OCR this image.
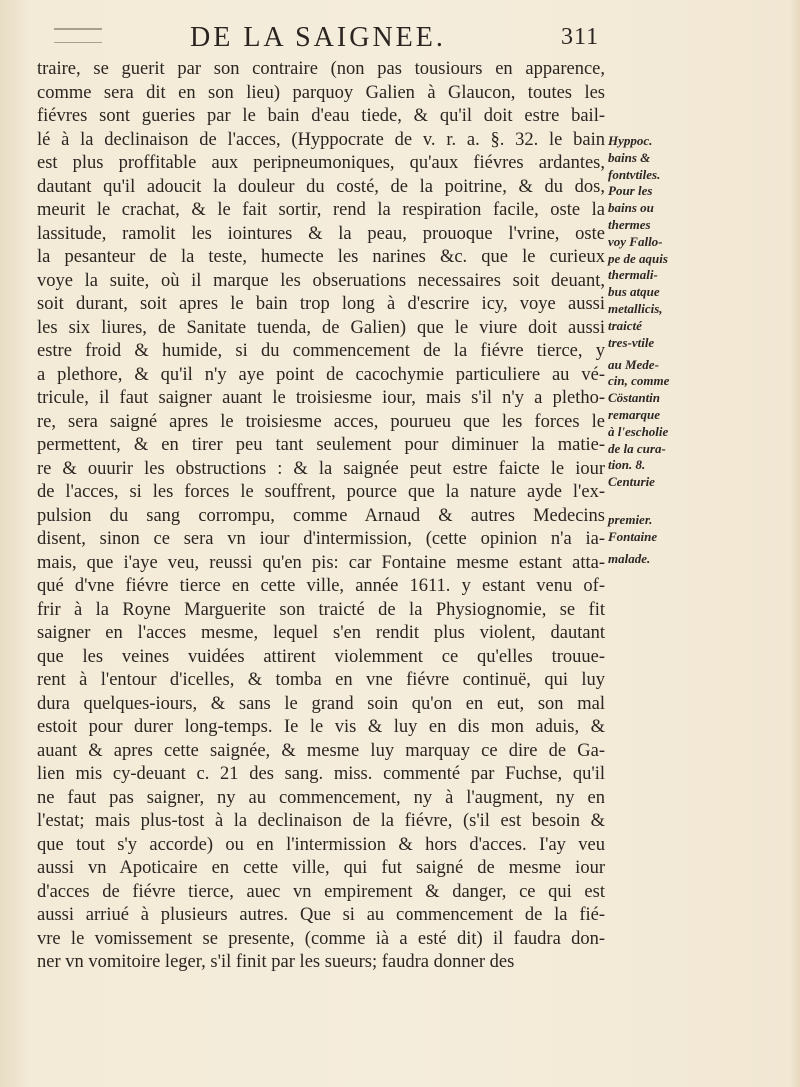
DE LA SAIGNEE.	311
traire, se guerit par son contraire (non pas tousiours en apparence,
comme sera dit en son lieu) parquoy Galien à Glaucon, toutes les
fiévres sont gueries par le bain d'eau tiede, & qu'il doit estre bail-
lé à la declinaison de l'acces, (Hyppocrate de v. r. a. §. 32. le bain
est plus proffitable aux peripneumoniques, qu'aux fiévres ardantes,
dautant qu'il adoucit la douleur du costé, de la poitrine, & du dos,
meurit le crachat, & le fait sortir, rend la respiration facile, oste la
lassitude, ramolit les iointures & la peau, prouoque l'vrine, oste
la pesanteur de la teste, humecte les narines &c. que le curieux
voye la suite, où il marque les obseruations necessaires soit deuant,
soit durant, soit apres le bain trop long à d'escrire icy, voye aussi
les six liures, de Sanitate tuenda, de Galien) que le viure doit aussi
estre froid & humide, si du commencement de la fiévre tierce, y
a plethore, & qu'il n'y aye point de cacochymie particuliere au vé-
tricule, il faut saigner auant le troisiesme iour, mais s'il n'y a pletho-
re, sera saigné apres le troisiesme acces, pourueu que les forces le
permettent, & en tirer peu tant seulement pour diminuer la matie-
re & ouurir les obstructions : & la saignée peut estre faicte le iour
de l'acces, si les forces le souffrent, pource que la nature ayde l'ex-
pulsion du sang corrompu, comme Arnaud & autres Medecins
disent, sinon ce sera vn iour d'intermission, (cette opinion n'a ia-
mais, que i'aye veu, reussi qu'en pis: car Fontaine mesme estant atta-
qué d'vne fiévre tierce en cette ville, année 1611. y estant venu of-
frir à la Royne Marguerite son traicté de la Physiognomie, se fit
saigner en l'acces mesme, lequel s'en rendit plus violent, dautant
que les veines vuidées attirent violemment ce qu'elles trouue-
rent à l'entour d'icelles, & tomba en vne fiévre continuë, qui luy
dura quelques-iours, & sans le grand soin qu'on en eut, son mal
estoit pour durer long-temps. Ie le vis & luy en dis mon aduis, &
auant & apres cette saignée, & mesme luy marquay ce dire de Ga-
lien mis cy-deuant c. 21 des sang. miss. commenté par Fuchse, qu'il
ne faut pas saigner, ny au commencement, ny à l'augment, ny en
l'estat; mais plus-tost à la declinaison de la fiévre, (s'il est besoin &
que tout s'y accorde) ou en l'intermission & hors d'acces. I'ay veu
aussi vn Apoticaire en cette ville, qui fut saigné de mesme iour
d'acces de fiévre tierce, auec vn empirement & danger, ce qui est
aussi arriué à plusieurs autres. Que si au commencement de la fié-
vre le vomissement se presente, (comme ià a esté dit) il faudra don-
ner vn vomitoire leger, s'il finit par les sueurs; faudra donner des
Hyppoc.
bains &
fontvtiles.
Pour les
bains ou
thermes
voy Fallo-
pe de aquis
thermali-
bus atque
metallicis,
traicté
tres-vtile
au Mede-
cin, comme
Cöstantin
remarque
à l'escholie
de la cura-
tion. 8.
Centurie
premier.
Fontaine
malade.
